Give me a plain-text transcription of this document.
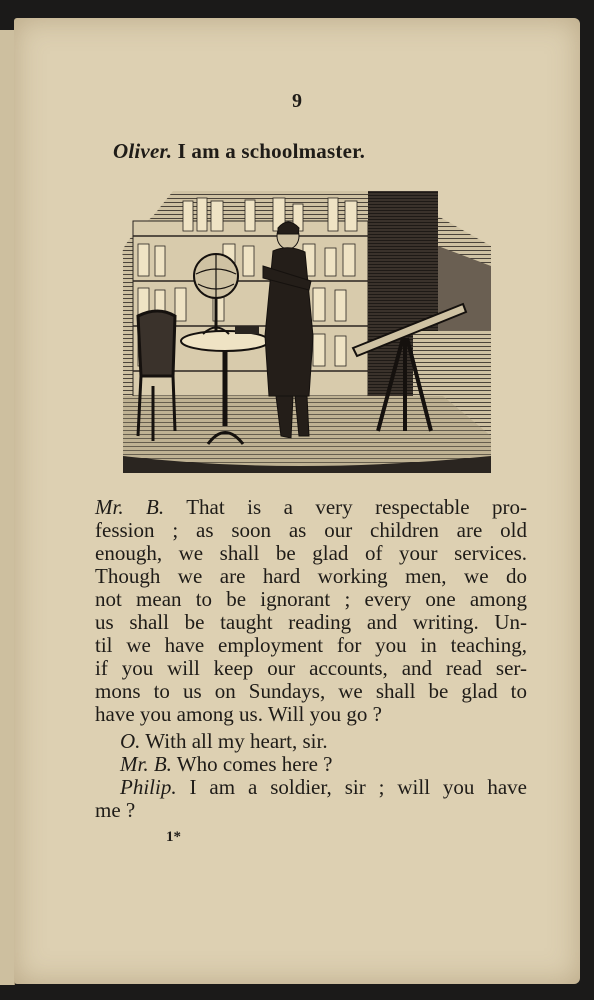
9
Oliver. I am a schoolmaster.
Mr. B. That is a very respectable pro-
fession ; as soon as our children are old
enough, we shall be glad of your services.
Though we are hard working men, we do
not mean to be ignorant ; every one among
us shall be taught reading and writing. Un-
til we have employment for you in teaching,
if you will keep our accounts, and read ser-
mons to us on Sundays, we shall be glad to
have you among us. Will you go ?
O. With all my heart, sir.
Mr. B. Who comes here ?
Philip. I am a soldier, sir ; will you have
me ?
1*
